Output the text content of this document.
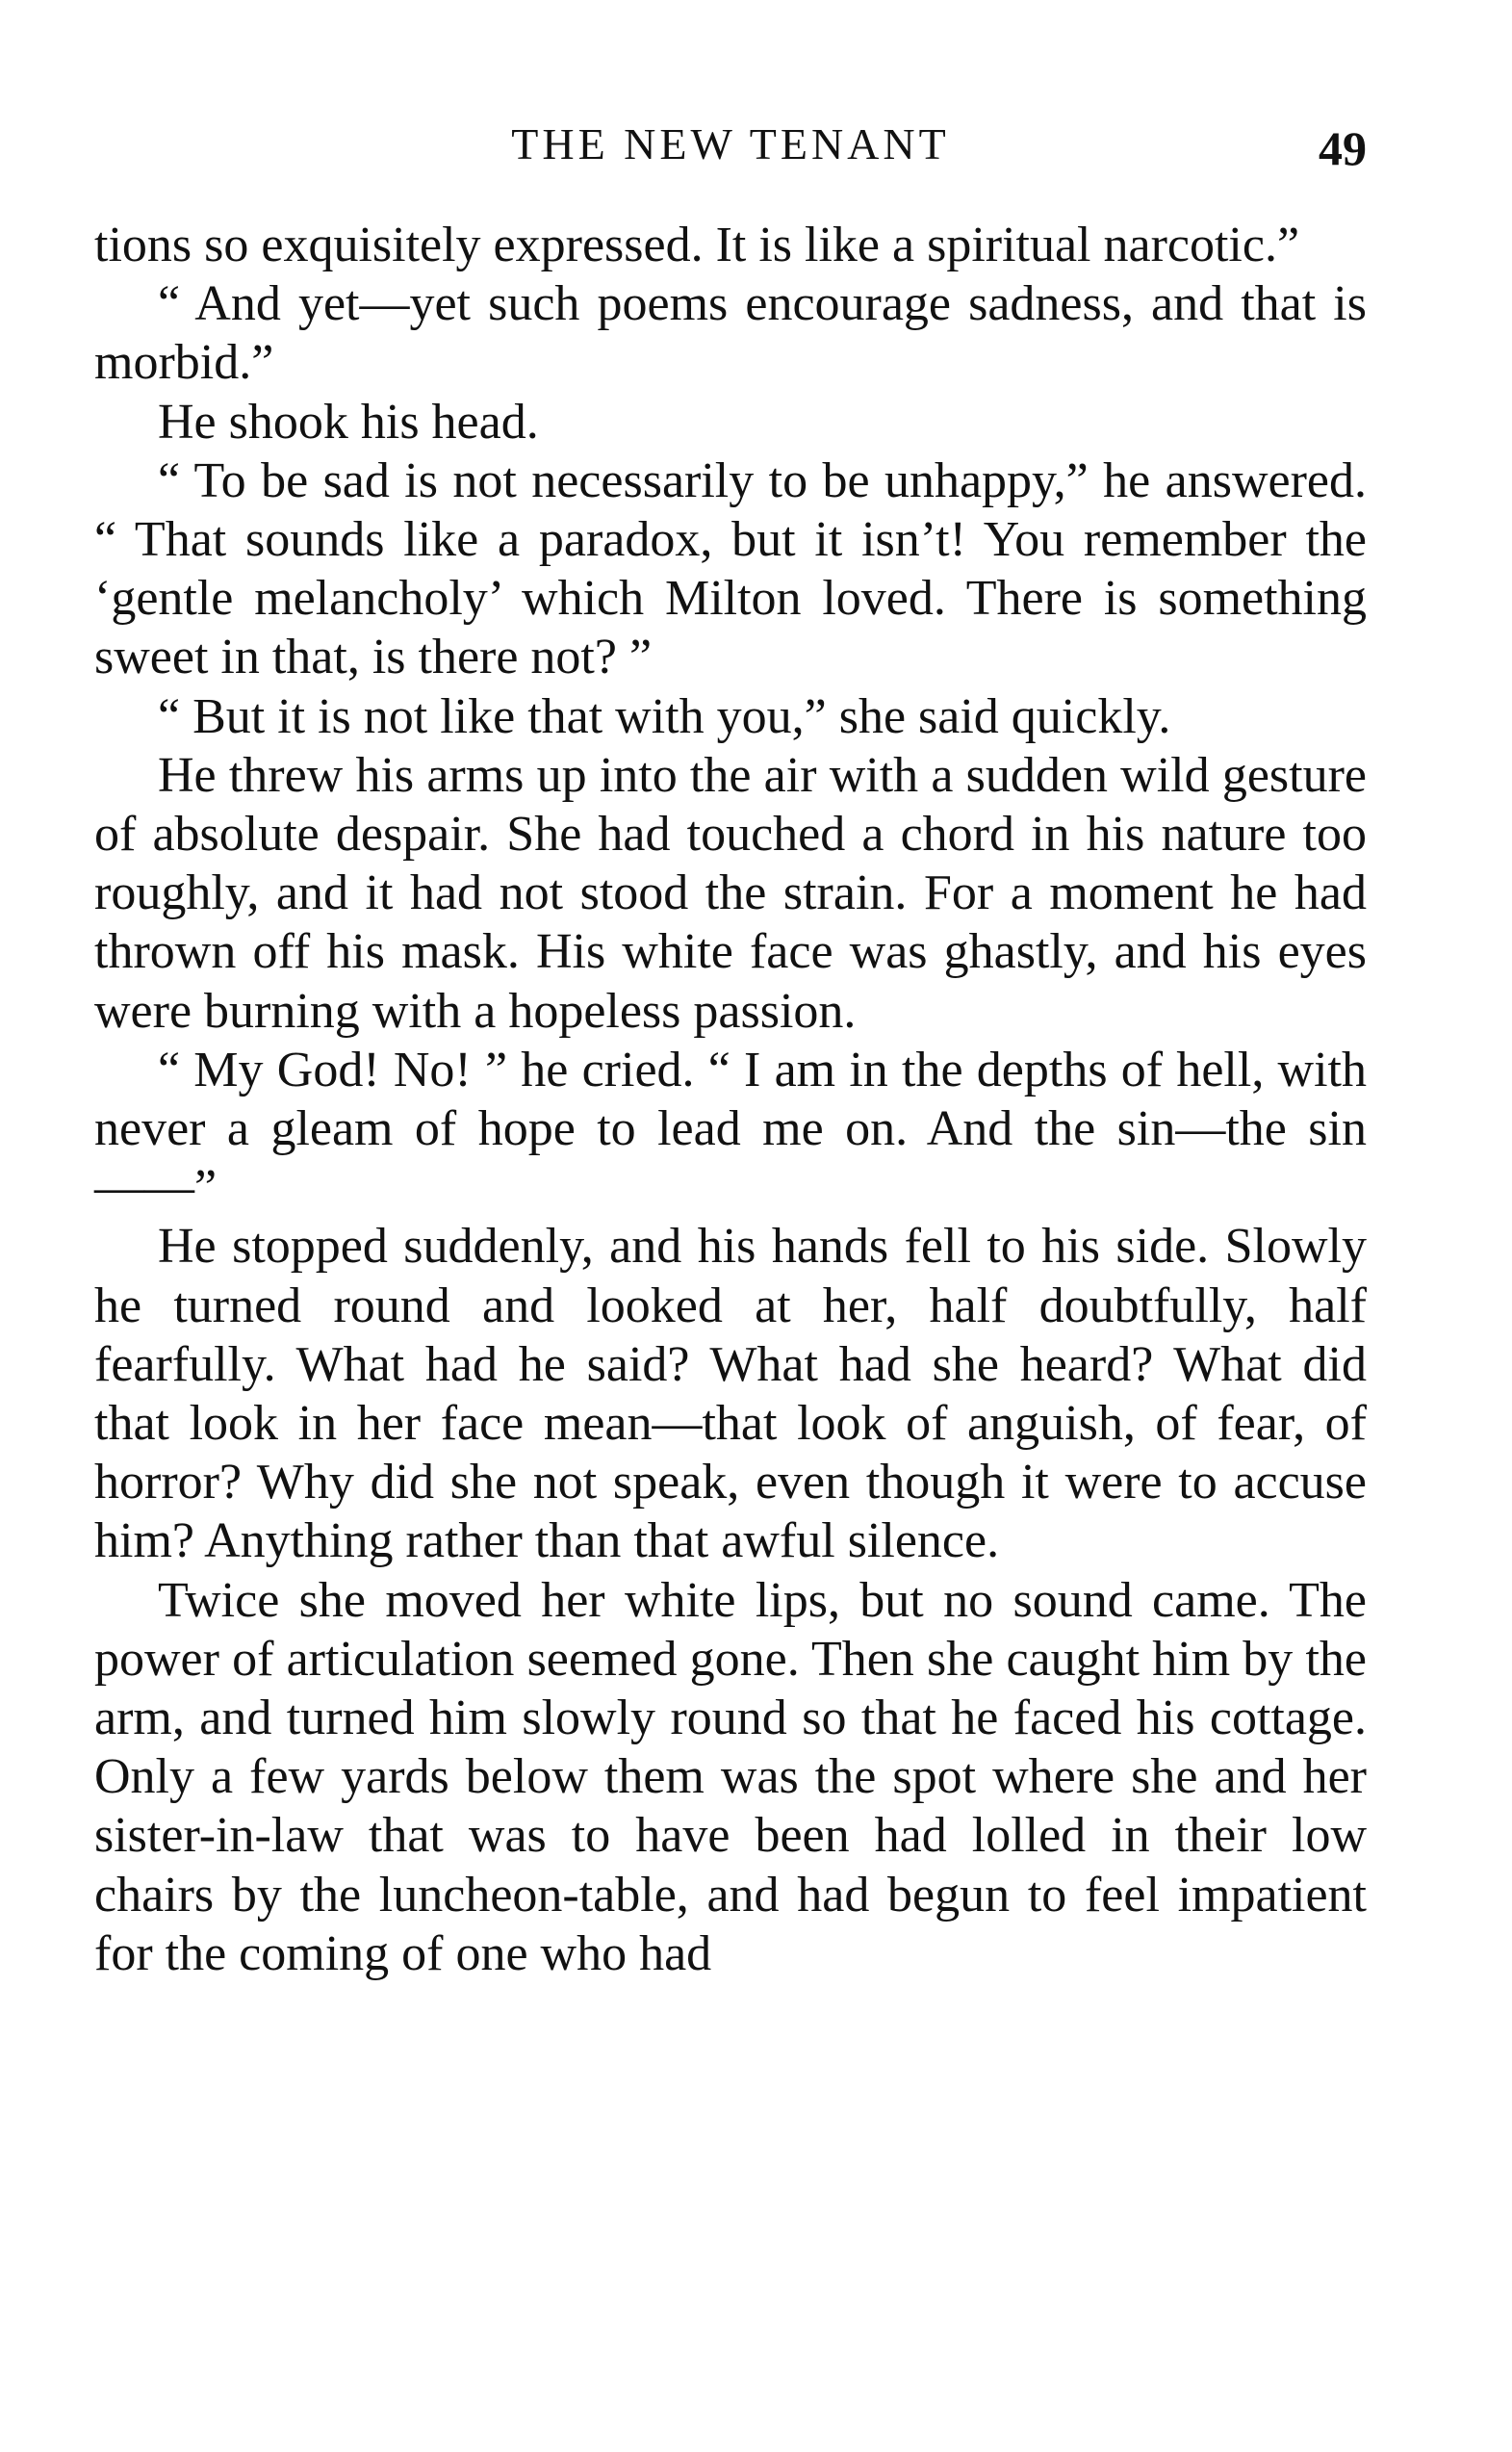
THE NEW TENANT	49

tions so exquisitely expressed. It is like a spiritual narcotic.”

“ And yet—yet such poems encourage sadness, and that is morbid.”

He shook his head.

“ To be sad is not necessarily to be unhappy,” he answered. “ That sounds like a paradox, but it isn’t! You remember the ‘gentle melancholy’ which Milton loved. There is something sweet in that, is there not? ”

“ But it is not like that with you,” she said quickly.

He threw his arms up into the air with a sudden wild gesture of absolute despair. She had touched a chord in his nature too roughly, and it had not stood the strain. For a moment he had thrown off his mask. His white face was ghastly, and his eyes were burning with a hopeless passion.

“ My God! No! ” he cried. “ I am in the depths of hell, with never a gleam of hope to lead me on. And the sin—the sin——”

He stopped suddenly, and his hands fell to his side. Slowly he turned round and looked at her, half doubtfully, half fearfully. What had he said? What had she heard? What did that look in her face mean—that look of anguish, of fear, of horror? Why did she not speak, even though it were to accuse him? Anything rather than that awful silence.

Twice she moved her white lips, but no sound came. The power of articulation seemed gone. Then she caught him by the arm, and turned him slowly round so that he faced his cottage. Only a few yards below them was the spot where she and her sister-in-law that was to have been had lolled in their low chairs by the luncheon-table, and had begun to feel impatient for the coming of one who had
